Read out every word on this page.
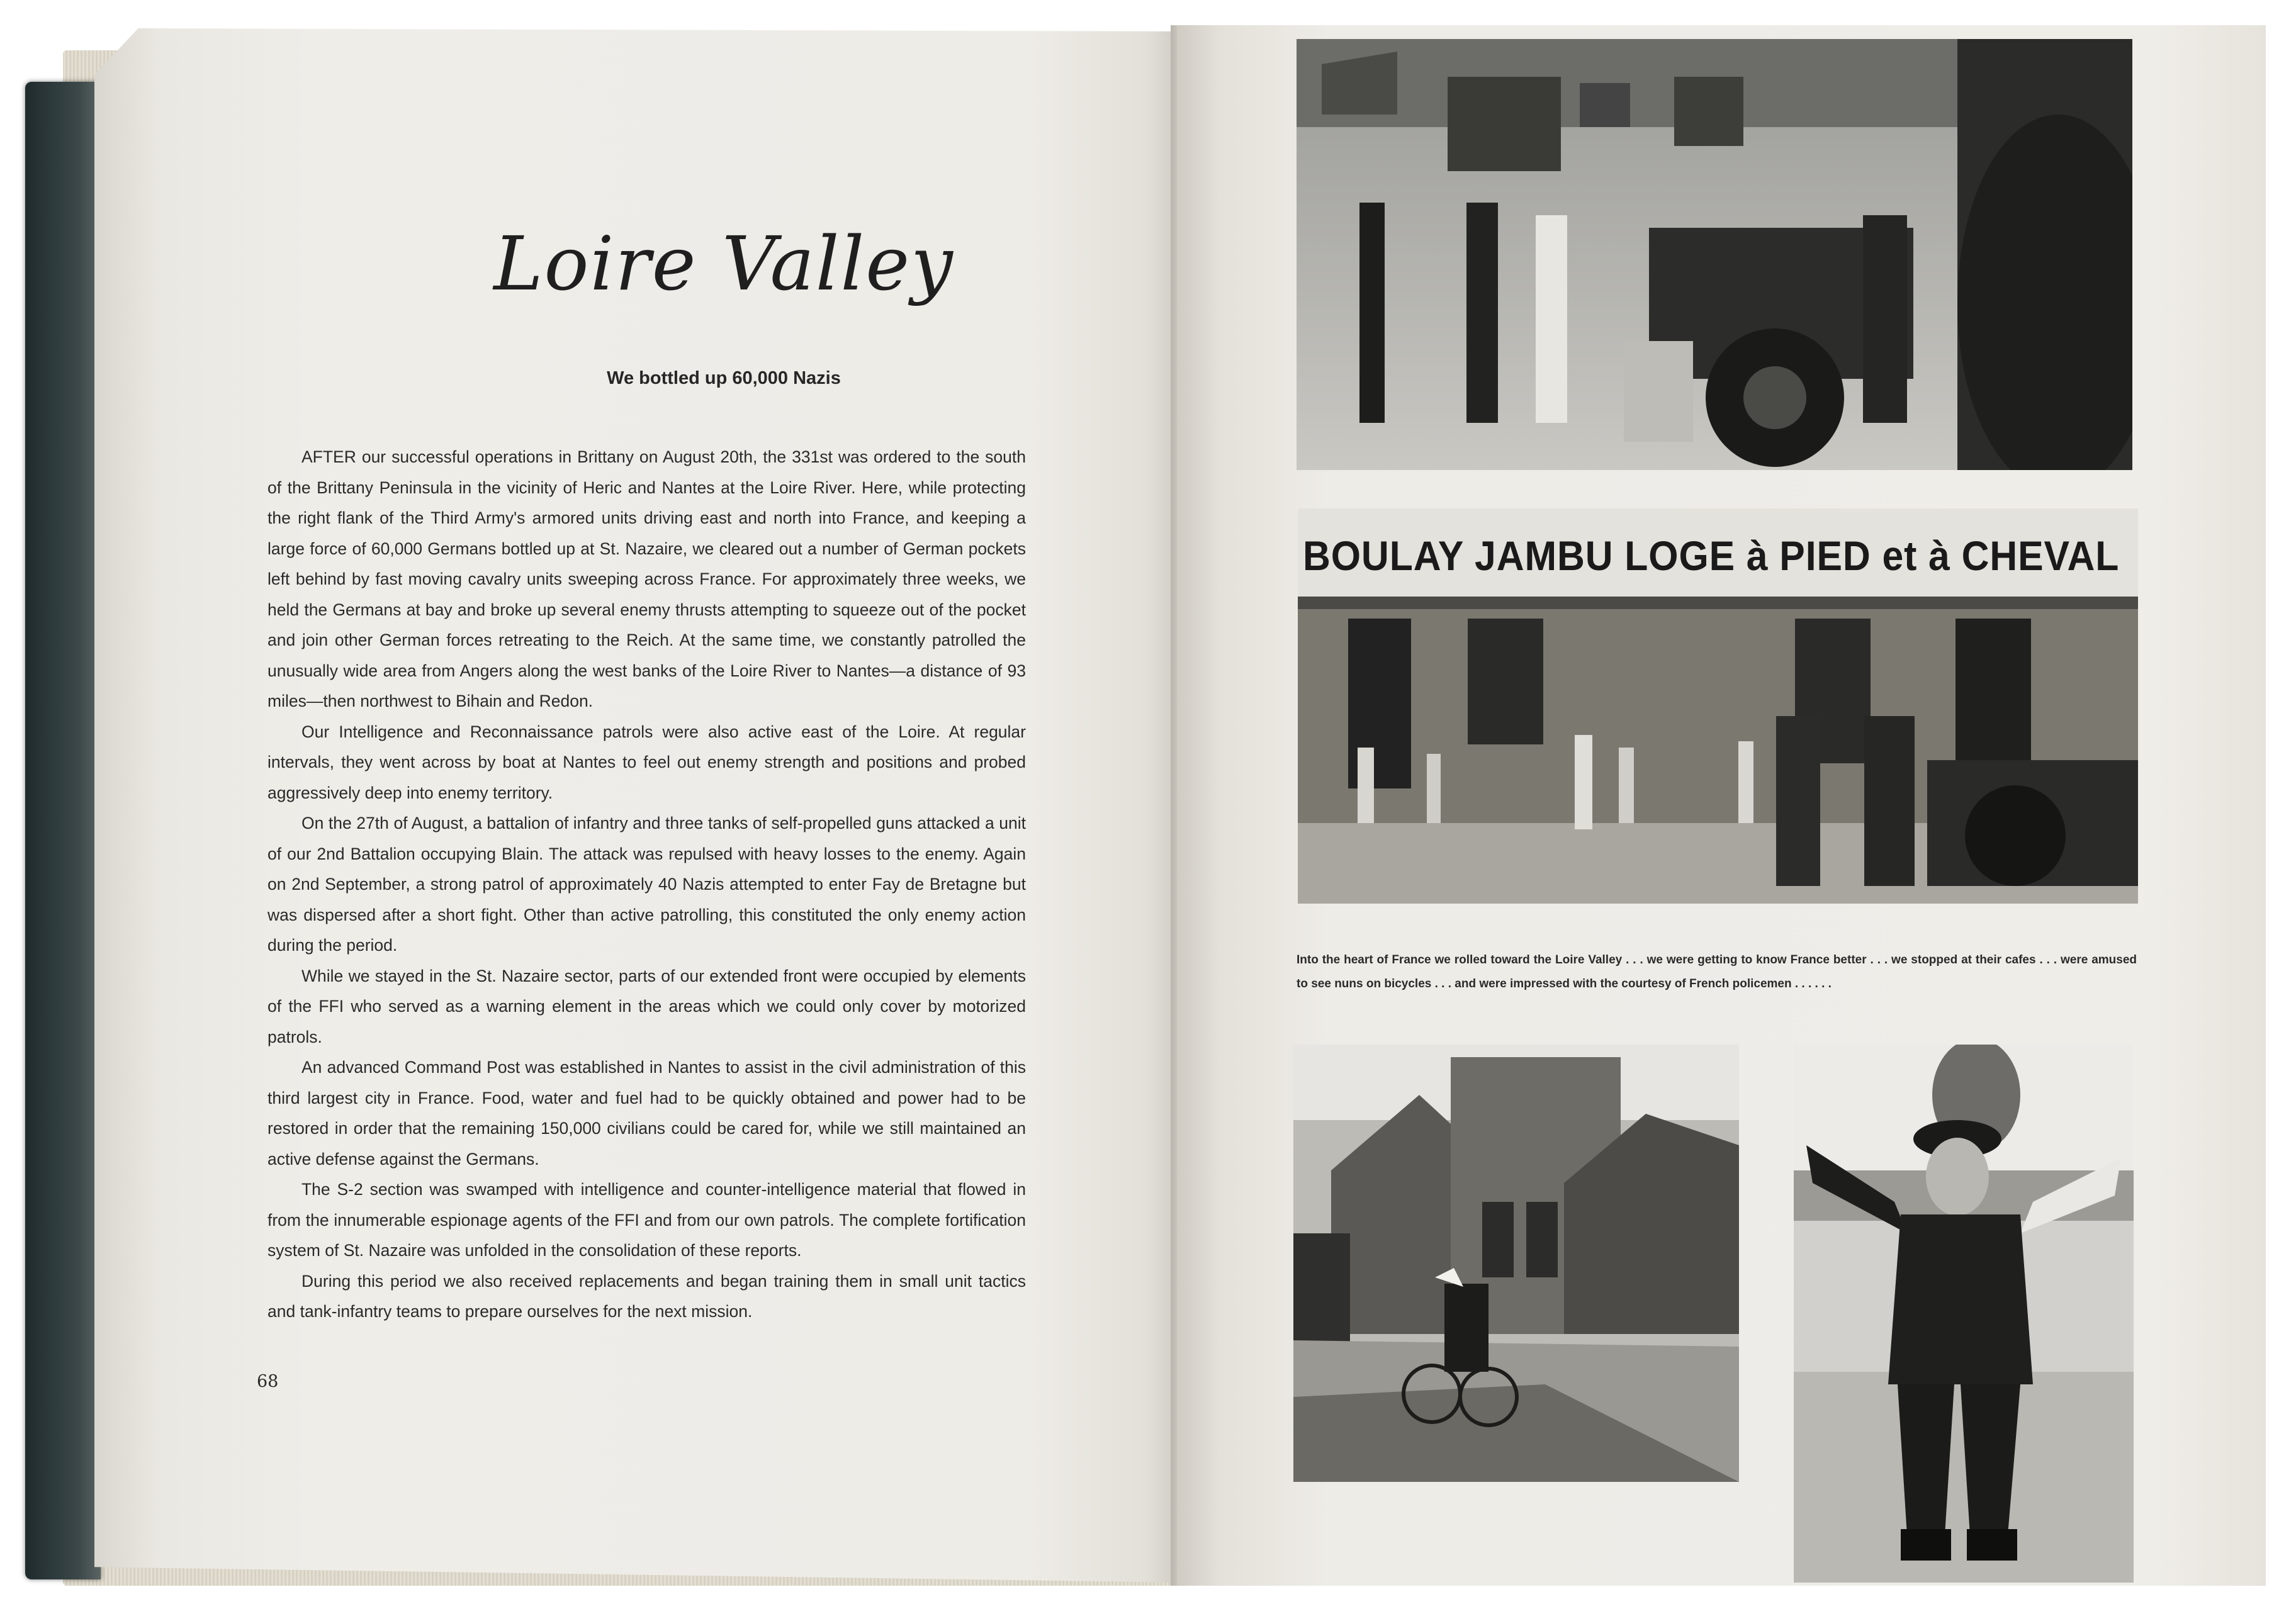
Loire Valley
We bottled up 60,000 Nazis

AFTER our successful operations in Brittany on August 20th, the 331st was ordered to the south of the Brittany Peninsula in the vicinity of Heric and Nantes at the Loire River. Here, while protecting the right flank of the Third Army's armored units driving east and north into France, and keeping a large force of 60,000 Germans bottled up at St. Nazaire, we cleared out a number of German pockets left behind by fast moving cavalry units sweeping across France. For approximately three weeks, we held the Germans at bay and broke up several enemy thrusts attempting to squeeze out of the pocket and join other German forces retreating to the Reich. At the same time, we constantly patrolled the unusually wide area from Angers along the west banks of the Loire River to Nantes—a distance of 93 miles—then northwest to Bihain and Redon.

Our Intelligence and Reconnaissance patrols were also active east of the Loire. At regular intervals, they went across by boat at Nantes to feel out enemy strength and positions and probed aggressively deep into enemy territory.

On the 27th of August, a battalion of infantry and three tanks of self-propelled guns attacked a unit of our 2nd Battalion occupying Blain. The attack was repulsed with heavy losses to the enemy. Again on 2nd September, a strong patrol of approximately 40 Nazis attempted to enter Fay de Bretagne but was dispersed after a short fight. Other than active patrolling, this constituted the only enemy action during the period.

While we stayed in the St. Nazaire sector, parts of our extended front were occupied by elements of the FFI who served as a warning element in the areas which we could only cover by motorized patrols.

An advanced Command Post was established in Nantes to assist in the civil administration of this third largest city in France. Food, water and fuel had to be quickly obtained and power had to be restored in order that the remaining 150,000 civilians could be cared for, while we still maintained an active defense against the Germans.

The S-2 section was swamped with intelligence and counter-intelligence material that flowed in from the innumerable espionage agents of the FFI and from our own patrols. The complete fortification system of St. Nazaire was unfolded in the consolidation of these reports.

During this period we also received replacements and began training them in small unit tactics and tank-infantry teams to prepare ourselves for the next mission.

68
BOULAY JAMBU LOGE à PIED et à CHEVAL
Into the heart of France we rolled toward the Loire Valley . . . we were getting to know France better . . . we stopped at their cafes . . . were amused to see nuns on bicycles . . . and were impressed with the courtesy of French policemen . . . . . .
